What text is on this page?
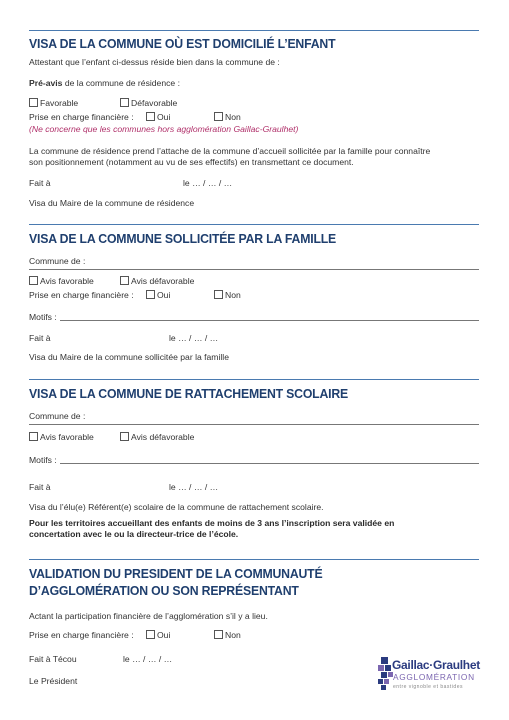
VISA DE LA COMMUNE OÙ EST DOMICILIÉ L’ENFANT
Attestant que l’enfant ci-dessus réside bien dans la commune de :
Pré-avis de la commune de résidence :
Favorable	Défavorable
Prise en charge financière :	Oui	Non
(Ne concerne que les communes hors agglomération Gaillac-Graulhet)
La commune de résidence prend l’attache de la commune d’accueil sollicitée par la famille pour connaître
son positionnement (notamment au vu de ses effectifs) en transmettant ce document.
Fait à	le … / … / …
Visa du Maire de la commune de résidence
VISA DE LA COMMUNE SOLLICITÉE PAR LA FAMILLE
Commune de :
Avis favorable	Avis défavorable
Prise en charge financière :	Oui	Non
Motifs :
Fait à	le … / … / …
Visa du Maire de la commune sollicitée par la famille
VISA DE LA COMMUNE DE RATTACHEMENT SCOLAIRE
Commune de :
Avis favorable	Avis défavorable
Motifs :
Fait à	le … / … / …
Visa du l’élu(e) Référent(e) scolaire de la commune de rattachement scolaire.
Pour les territoires accueillant des enfants de moins de 3 ans l’inscription sera validée en
concertation avec le ou la directeur-trice de l’école.
VALIDATION DU PRESIDENT DE LA COMMUNAUTÉ
D’AGGLOMÉRATION OU SON REPRÉSENTANT
Actant la participation financière de l’agglomération s’il y a lieu.
Prise en charge financière :	Oui	Non
Fait à Técou	le … / … / …
Le Président
Gaillac·Graulhet
AGGLOMÉRATION
entre vignoble et bastides
